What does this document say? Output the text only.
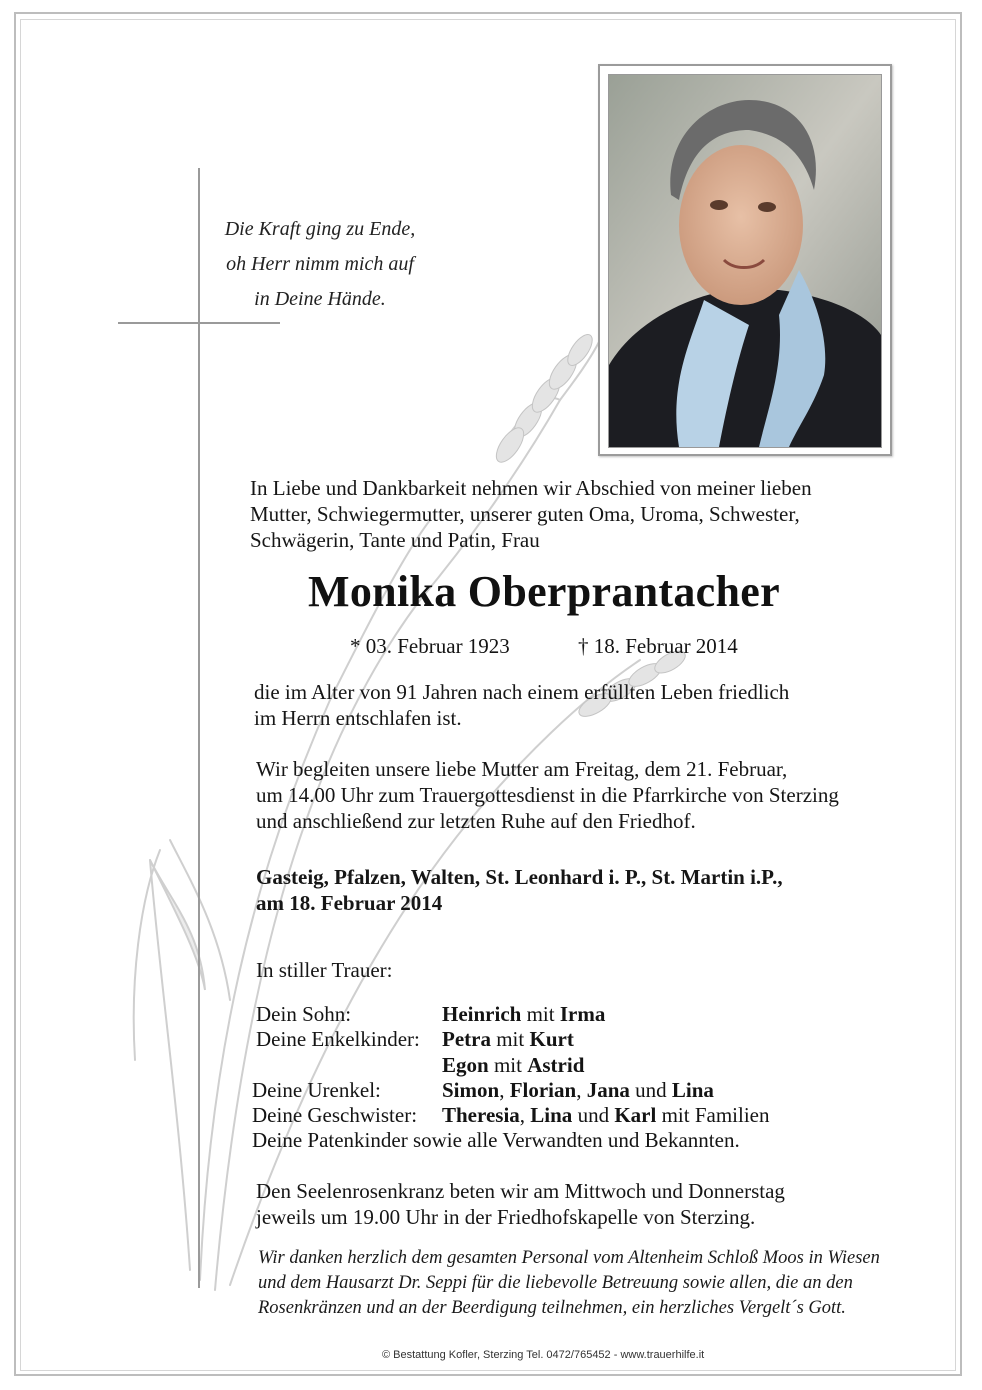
Die Kraft ging zu Ende,
oh Herr nimm mich auf
in Deine Hände.
In Liebe und Dankbarkeit nehmen wir Abschied von meiner lieben
Mutter, Schwiegermutter, unserer guten Oma, Uroma, Schwester,
Schwägerin, Tante und Patin, Frau
Monika Oberprantacher
* 03. Februar 1923	† 18. Februar 2014
die im Alter von 91 Jahren nach einem erfüllten Leben friedlich
im Herrn entschlafen ist.
Wir begleiten unsere liebe Mutter am Freitag, dem 21. Februar,
um 14.00 Uhr zum Trauergottesdienst in die Pfarrkirche von Sterzing
und anschließend zur letzten Ruhe auf den Friedhof.
Gasteig, Pfalzen, Walten, St. Leonhard i. P., St. Martin i.P.,
am 18. Februar 2014
In stiller Trauer:
Dein Sohn:	Heinrich mit Irma
Deine Enkelkinder: Petra mit Kurt
Egon mit Astrid
Deine Urenkel:	Simon, Florian, Jana und Lina
Deine Geschwister: Theresia, Lina und Karl mit Familien
Deine Patenkinder sowie alle Verwandten und Bekannten.
Den Seelenrosenkranz beten wir am Mittwoch und Donnerstag
jeweils um 19.00 Uhr in der Friedhofskapelle von Sterzing.
Wir danken herzlich dem gesamten Personal vom Altenheim Schloß Moos in Wiesen
und dem Hausarzt Dr. Seppi für die liebevolle Betreuung sowie allen, die an den
Rosenkränzen und an der Beerdigung teilnehmen, ein herzliches Vergelt´s Gott.
© Bestattung Kofler, Sterzing Tel. 0472/765452 - www.trauerhilfe.it
